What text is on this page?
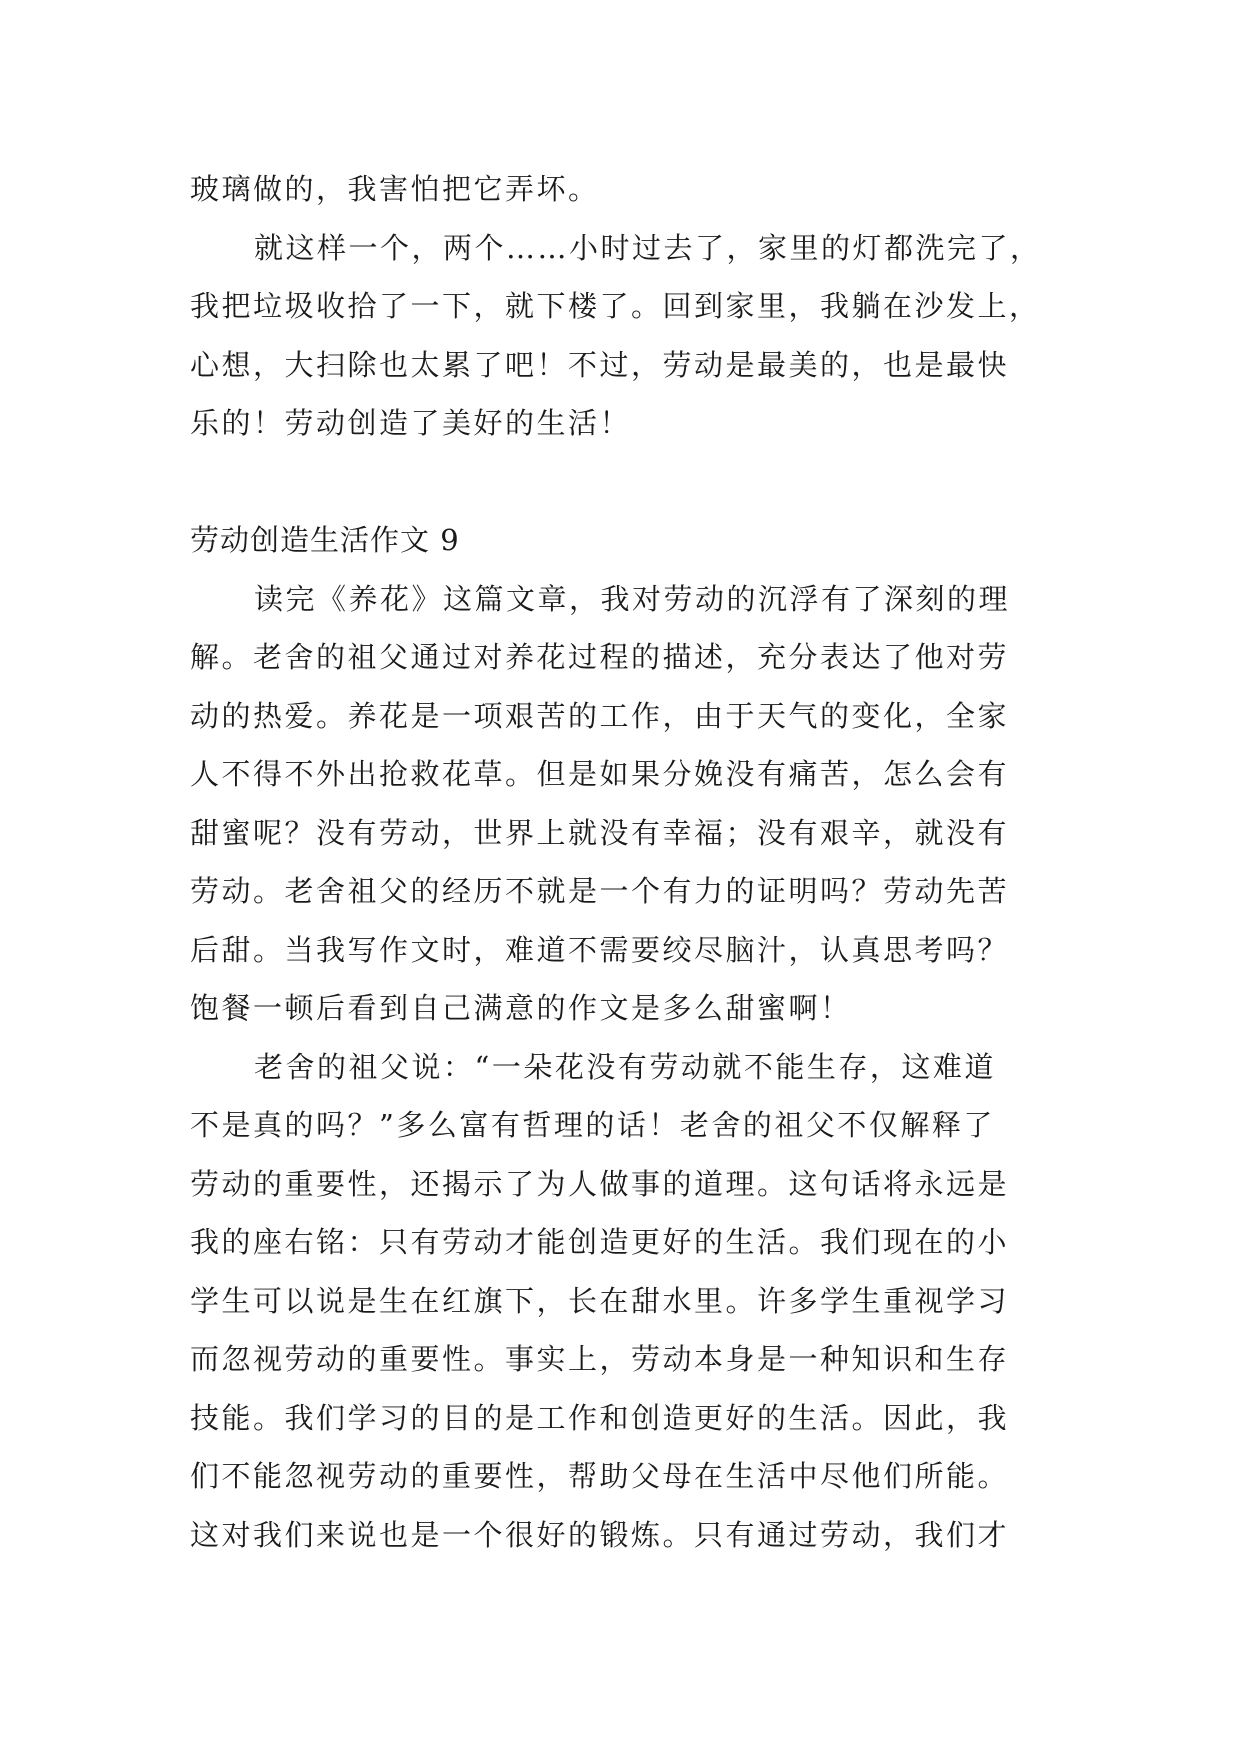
玻璃做的，我害怕把它弄坏。
就这样一个，两个……小时过去了，家里的灯都洗完了，
我把垃圾收拾了一下，就下楼了。回到家里，我躺在沙发上，
心想，大扫除也太累了吧！不过，劳动是最美的，也是最快
乐的！劳动创造了美好的生活！
劳动创造生活作文 9
读完《养花》这篇文章，我对劳动的沉浮有了深刻的理
解。老舍的祖父通过对养花过程的描述，充分表达了他对劳
动的热爱。养花是一项艰苦的工作，由于天气的变化，全家
人不得不外出抢救花草。但是如果分娩没有痛苦，怎么会有
甜蜜呢？没有劳动，世界上就没有幸福；没有艰辛，就没有
劳动。老舍祖父的经历不就是一个有力的证明吗？劳动先苦
后甜。当我写作文时，难道不需要绞尽脑汁，认真思考吗？
饱餐一顿后看到自己满意的作文是多么甜蜜啊！
老舍的祖父说：“一朵花没有劳动就不能生存，这难道
不是真的吗？”多么富有哲理的话！老舍的祖父不仅解释了
劳动的重要性，还揭示了为人做事的道理。这句话将永远是
我的座右铭：只有劳动才能创造更好的生活。我们现在的小
学生可以说是生在红旗下，长在甜水里。许多学生重视学习
而忽视劳动的重要性。事实上，劳动本身是一种知识和生存
技能。我们学习的目的是工作和创造更好的生活。因此，我
们不能忽视劳动的重要性，帮助父母在生活中尽他们所能。
这对我们来说也是一个很好的锻炼。只有通过劳动，我们才
